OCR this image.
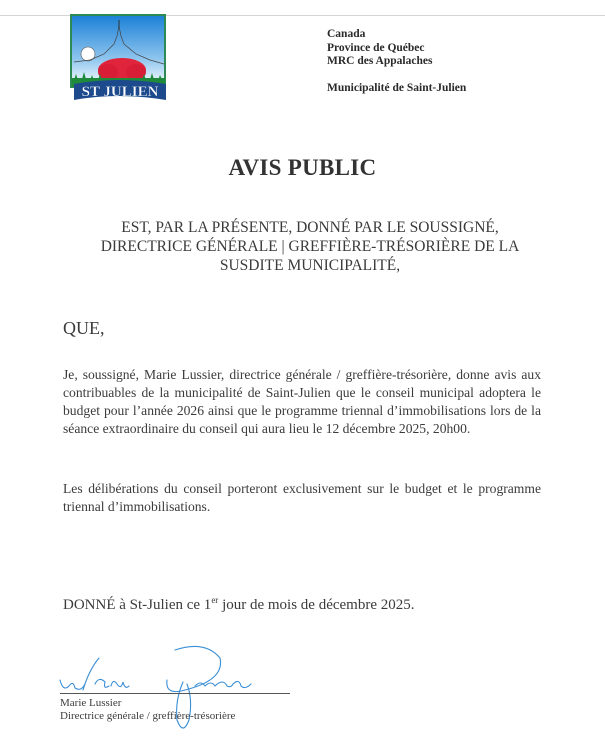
ST JULIEN
Canada
Province de Québec
MRC des Appalaches
Municipalité de Saint-Julien
AVIS PUBLIC
EST, PAR LA PRÉSENTE, DONNÉ PAR LE SOUSSIGNÉ, DIRECTRICE GÉNÉRALE | GREFFIÈRE-TRÉSORIÈRE DE LA SUSDITE MUNICIPALITÉ,
QUE,
Je, soussigné, Marie Lussier, directrice générale / greffière-trésorière, donne avis aux contribuables de la municipalité de Saint-Julien que le conseil municipal adoptera le budget pour l’année 2026 ainsi que le programme triennal d’immobilisations lors de la séance extraordinaire du conseil qui aura lieu le 12 décembre 2025, 20h00.
Les délibérations du conseil porteront exclusivement sur le budget et le programme triennal d’immobilisations.
DONNÉ à St-Julien ce 1er jour de mois de décembre 2025.
Marie Lussier
Directrice générale / greffière-trésorière
